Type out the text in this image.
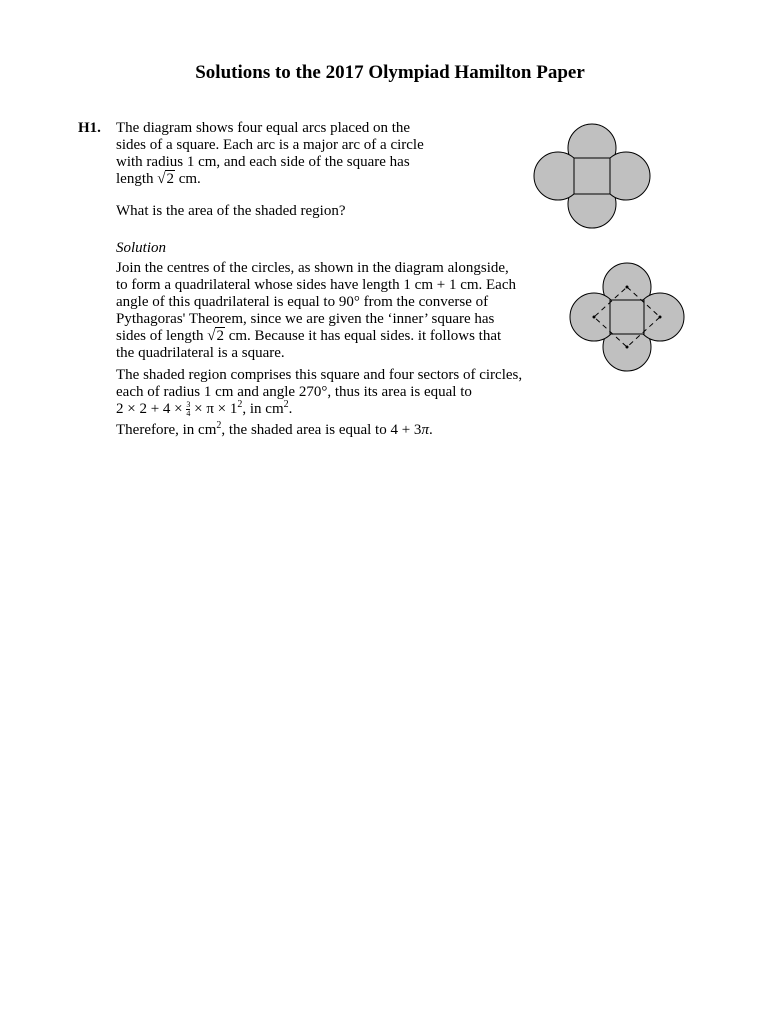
Solutions to the 2017 Olympiad Hamilton Paper
H1. The diagram shows four equal arcs placed on the
sides of a square. Each arc is a major arc of a circle
with radius 1 cm, and each side of the square has
length √2 cm.
What is the area of the shaded region?
Solution
Join the centres of the circles, as shown in the diagram alongside,
to form a quadrilateral whose sides have length 1 cm + 1 cm. Each
angle of this quadrilateral is equal to 90° from the converse of
Pythagoras' Theorem, since we are given the ‘inner’ square has
sides of length √2 cm. Because it has equal sides. it follows that
the quadrilateral is a square.
The shaded region comprises this square and four sectors of circles,
each of radius 1 cm and angle 270°, thus its area is equal to
$2 \times 2 + 4 \times \frac{3}{4} \times \pi \times 1^2$, in $cm^2$.
Therefore, in $cm^2$, the shaded area is equal to 4 + 3π.
